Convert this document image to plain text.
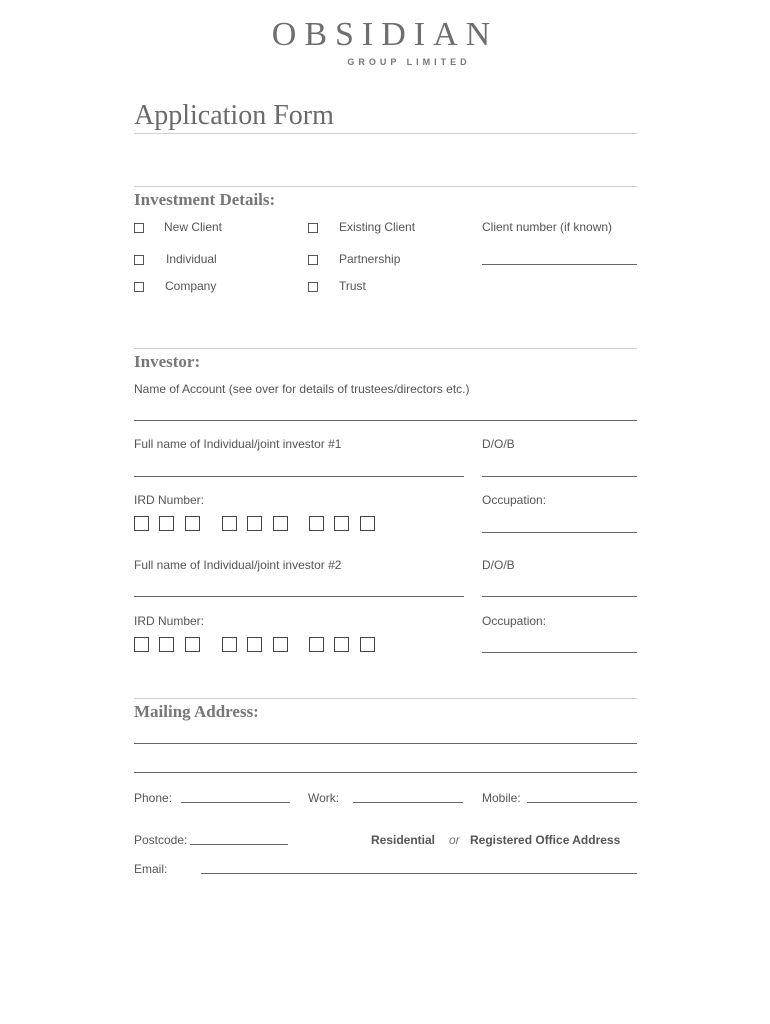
OBSIDIAN
GROUP LIMITED
Application Form
Investment Details:
New Client	Existing Client	Client number (if known)
Individual	Partnership
Company	Trust
Investor:
Name of Account (see over for details of trustees/directors etc.)
Full name of Individual/joint investor #1	D/O/B
IRD Number:	Occupation:
Full name of Individual/joint investor #2	D/O/B
IRD Number:	Occupation:
Mailing Address:
Phone:	Work:	Mobile:
Postcode:	Residential or Registered Office Address
Email:
